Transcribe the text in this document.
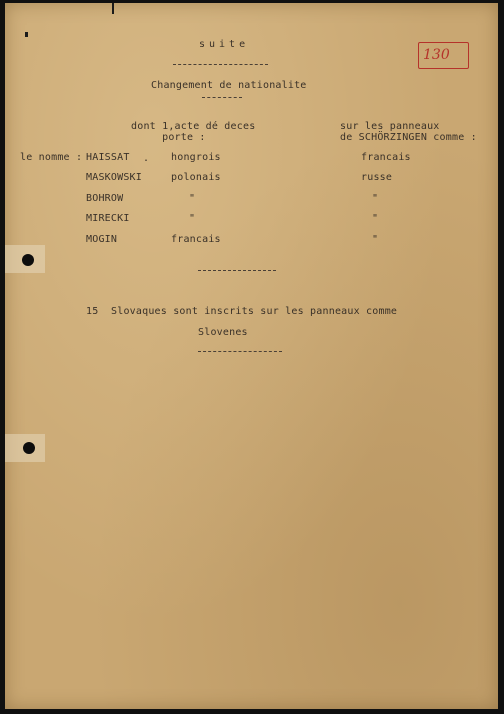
130
suite
Changement de nationalite
dont 1,acte dé deces
porte :
sur les panneaux
de SCHÖRZINGEN comme :
le nomme : HAISSAT . hongrois	francais
MASKOWSKI	polonais	russe
BOHROW	"	"
MIRECKI	"	"
MOGIN	francais	"
15 Slovaques sont inscrits sur les panneaux comme
Slovenes
